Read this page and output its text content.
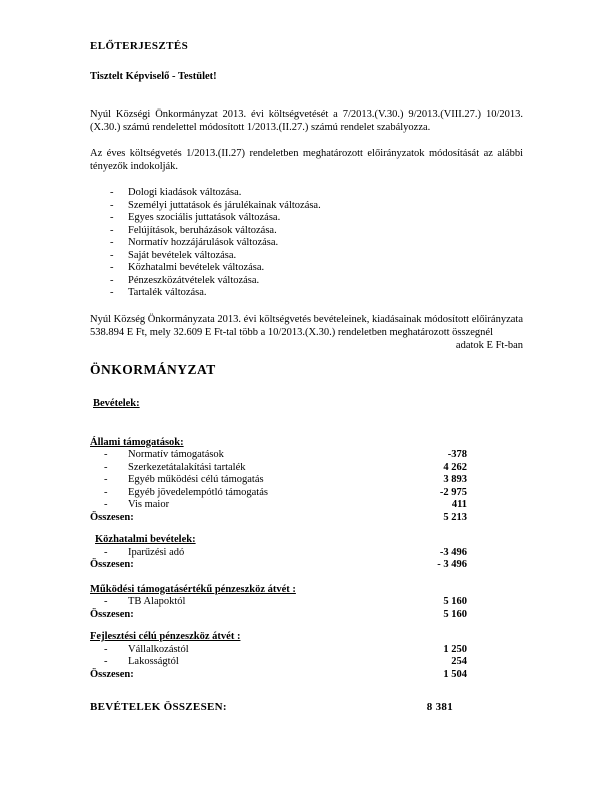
ELŐTERJESZTÉS
Tisztelt Képviselő - Testület!

Nyúl Községi Önkormányzat 2013. évi költségvetését a 7/2013.(V.30.) 9/2013.(VIII.27.) 10/2013.(X.30.) számú rendelettel módosított 1/2013.(II.27.) számú rendelet szabályozza.

Az éves költségvetés 1/2013.(II.27) rendeletben meghatározott előirányzatok módosítását az alábbi tényezők indokolják.

-	Dologi kiadások változása.
-	Személyi juttatások és járulékainak változása.
-	Egyes szociális juttatások változása.
-	Felújítások, beruházások változása.
-	Normatív hozzájárulások változása.
-	Saját bevételek változása.
-	Közhatalmi bevételek változása.
-	Pénzeszközátvételek változása.
-	Tartalék változása.

Nyúl Község Önkormányzata 2013. évi költségvetés bevételeinek, kiadásainak módosított előirányzata 538.894 E Ft, mely 32.609 E Ft-tal több a 10/2013.(X.30.) rendeletben meghatározott összegnél

adatok E Ft-ban
ÖNKORMÁNYZAT
Bevételek:
Állami támogatások:
-	Normatív támogatások	-378
-	Szerkezetátalakítási tartalék	4 262
-	Egyéb működési célú támogatás	3 893
-	Egyéb jövedelempótló támogatás	-2 975
-	Vis maior	411
Összesen:	5 213
Közhatalmi bevételek:
-	Iparűzési adó	-3 496
Összesen:	- 3 496
Működési támogatásértékű pénzeszköz átvét :
-	TB Alapoktól	5 160
Összesen:	5 160
Fejlesztési célú pénzeszköz átvét :
-	Vállalkozástól	1 250
-	Lakosságtól	254
Összesen:	1 504
BEVÉTELEK ÖSSZESEN:	8 381
